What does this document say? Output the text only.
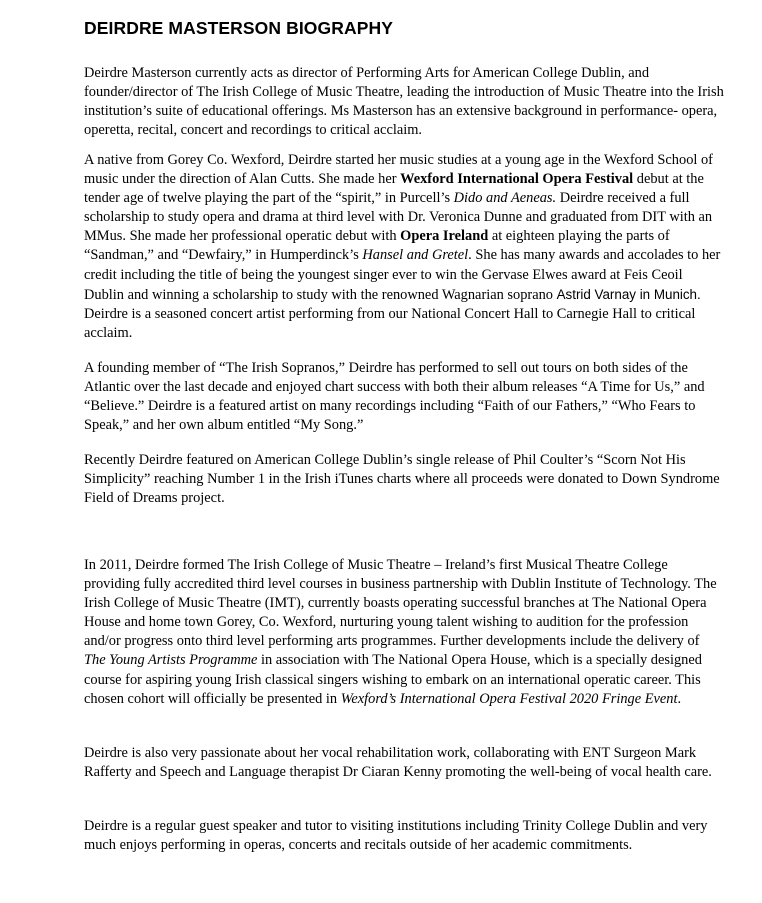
DEIRDRE MASTERSON BIOGRAPHY

Deirdre Masterson currently acts as director of Performing Arts for American College Dublin, and founder/director of The Irish College of Music Theatre, leading the introduction of Music Theatre into the Irish institution’s suite of educational offerings. Ms Masterson has an extensive background in performance- opera, operetta, recital, concert and recordings to critical acclaim.

A native from Gorey Co. Wexford, Deirdre started her music studies at a young age in the Wexford School of music under the direction of Alan Cutts. She made her Wexford International Opera Festival debut at the tender age of twelve playing the part of the “spirit,” in Purcell’s Dido and Aeneas. Deirdre received a full scholarship to study opera and drama at third level with Dr. Veronica Dunne and graduated from DIT with an MMus. She made her professional operatic debut with Opera Ireland at eighteen playing the parts of “Sandman,” and “Dewfairy,” in Humperdinck’s Hansel and Gretel. She has many awards and accolades to her credit including the title of being the youngest singer ever to win the Gervase Elwes award at Feis Ceoil Dublin and winning a scholarship to study with the renowned Wagnarian soprano Astrid Varnay in Munich. Deirdre is a seasoned concert artist performing from our National Concert Hall to Carnegie Hall to critical acclaim.

A founding member of “The Irish Sopranos,” Deirdre has performed to sell out tours on both sides of the Atlantic over the last decade and enjoyed chart success with both their album releases “A Time for Us,” and “Believe.” Deirdre is a featured artist on many recordings including “Faith of our Fathers,” “Who Fears to Speak,” and her own album entitled “My Song.”

Recently Deirdre featured on American College Dublin’s single release of Phil Coulter’s “Scorn Not His Simplicity” reaching Number 1 in the Irish iTunes charts where all proceeds were donated to Down Syndrome Field of Dreams project.

In 2011, Deirdre formed The Irish College of Music Theatre – Ireland’s first Musical Theatre College providing fully accredited third level courses in business partnership with Dublin Institute of Technology. The Irish College of Music Theatre (IMT), currently boasts operating successful branches at The National Opera House and home town Gorey, Co. Wexford, nurturing young talent wishing to audition for the profession and/or progress onto third level performing arts programmes. Further developments include the delivery of The Young Artists Programme in association with The National Opera House, which is a specially designed course for aspiring young Irish classical singers wishing to embark on an international operatic career. This chosen cohort will officially be presented in Wexford’s International Opera Festival 2020 Fringe Event.

Deirdre is also very passionate about her vocal rehabilitation work, collaborating with ENT Surgeon Mark Rafferty and Speech and Language therapist Dr Ciaran Kenny promoting the well-being of vocal health care.

Deirdre is a regular guest speaker and tutor to visiting institutions including Trinity College Dublin and very much enjoys performing in operas, concerts and recitals outside of her academic commitments.
